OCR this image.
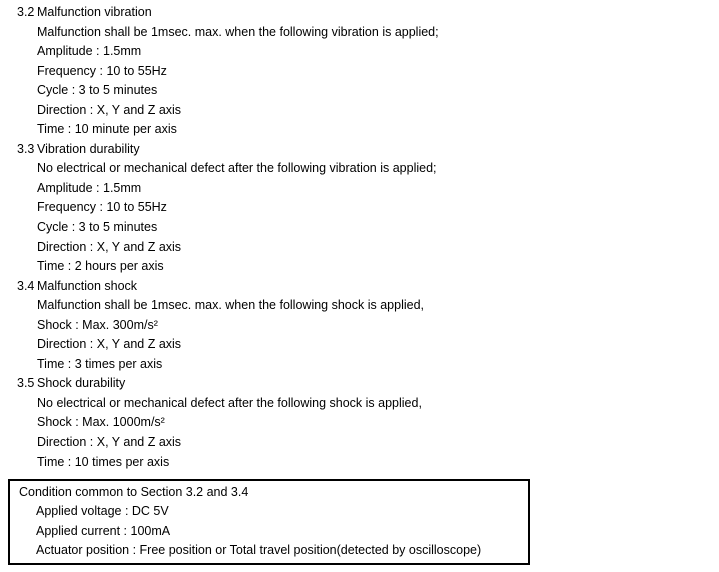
3.2 Malfunction vibration
Malfunction shall be 1msec. max. when the following vibration is applied;
Amplitude : 1.5mm
Frequency : 10 to 55Hz
Cycle : 3 to 5 minutes
Direction : X, Y and Z axis
Time : 10 minute per axis
3.3 Vibration durability
No electrical or mechanical defect after the following vibration is applied;
Amplitude : 1.5mm
Frequency : 10 to 55Hz
Cycle : 3 to 5 minutes
Direction : X, Y and Z axis
Time : 2 hours per axis
3.4 Malfunction shock
Malfunction shall be 1msec. max. when the following shock is applied,
Shock : Max. 300m/s²
Direction : X, Y and Z axis
Time : 3 times per axis
3.5 Shock durability
No electrical or mechanical defect after the following shock is applied,
Shock : Max. 1000m/s²
Direction : X, Y and Z axis
Time : 10 times per axis
Condition common to Section 3.2 and 3.4
Applied voltage : DC 5V
Applied current : 100mA
Actuator position : Free position or Total travel position(detected by oscilloscope)
